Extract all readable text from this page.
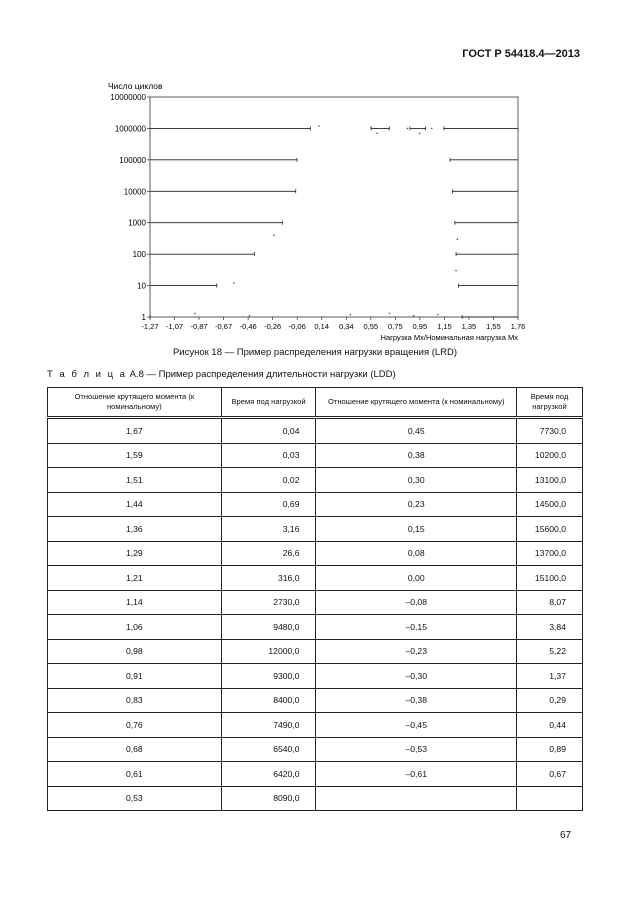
ГОСТ Р 54418.4—2013
Число циклов
1
10
100
1000
10000
100000
1000000
10000000
-1,27 -1,07 -0,87 -0,67 -0,46 -0,26 -0,06 0,14 0,34 0,55 0,75 0,95 1,15 1,35 1,55 1,76
Нагрузка Мх/Номинальная нагрузка Мх
Рисунок 18 — Пример распределения нагрузки вращения (LRD)
Т а б л и ц а А.8 — Пример распределения длительности нагрузки (LDD)
Отношение крутящего момента (к номинальному)	Время под нагрузкой	Отношение крутящего момента (к номинальному)	Время под нагрузкой
1,67	0,04	0,45	7730,0
1,59	0,03	0,38	10200,0
1,51	0,02	0,30	13100,0
1,44	0,69	0,23	14500,0
1,36	3,16	0,15	15600,0
1,29	26,6	0,08	13700,0
1,21	316,0	0,00	15100,0
1,14	2730,0	–0,08	8,07
1,06	9480,0	–0,15	3,84
0,98	12000,0	–0,23	5,22
0,91	9300,0	–0,30	1,37
0,83	8400,0	–0,38	0,29
0,76	7490,0	–0,45	0,44
0,68	6540,0	–0,53	0,89
0,61	6420,0	–0,61	0,67
0,53	8090,0		
67
